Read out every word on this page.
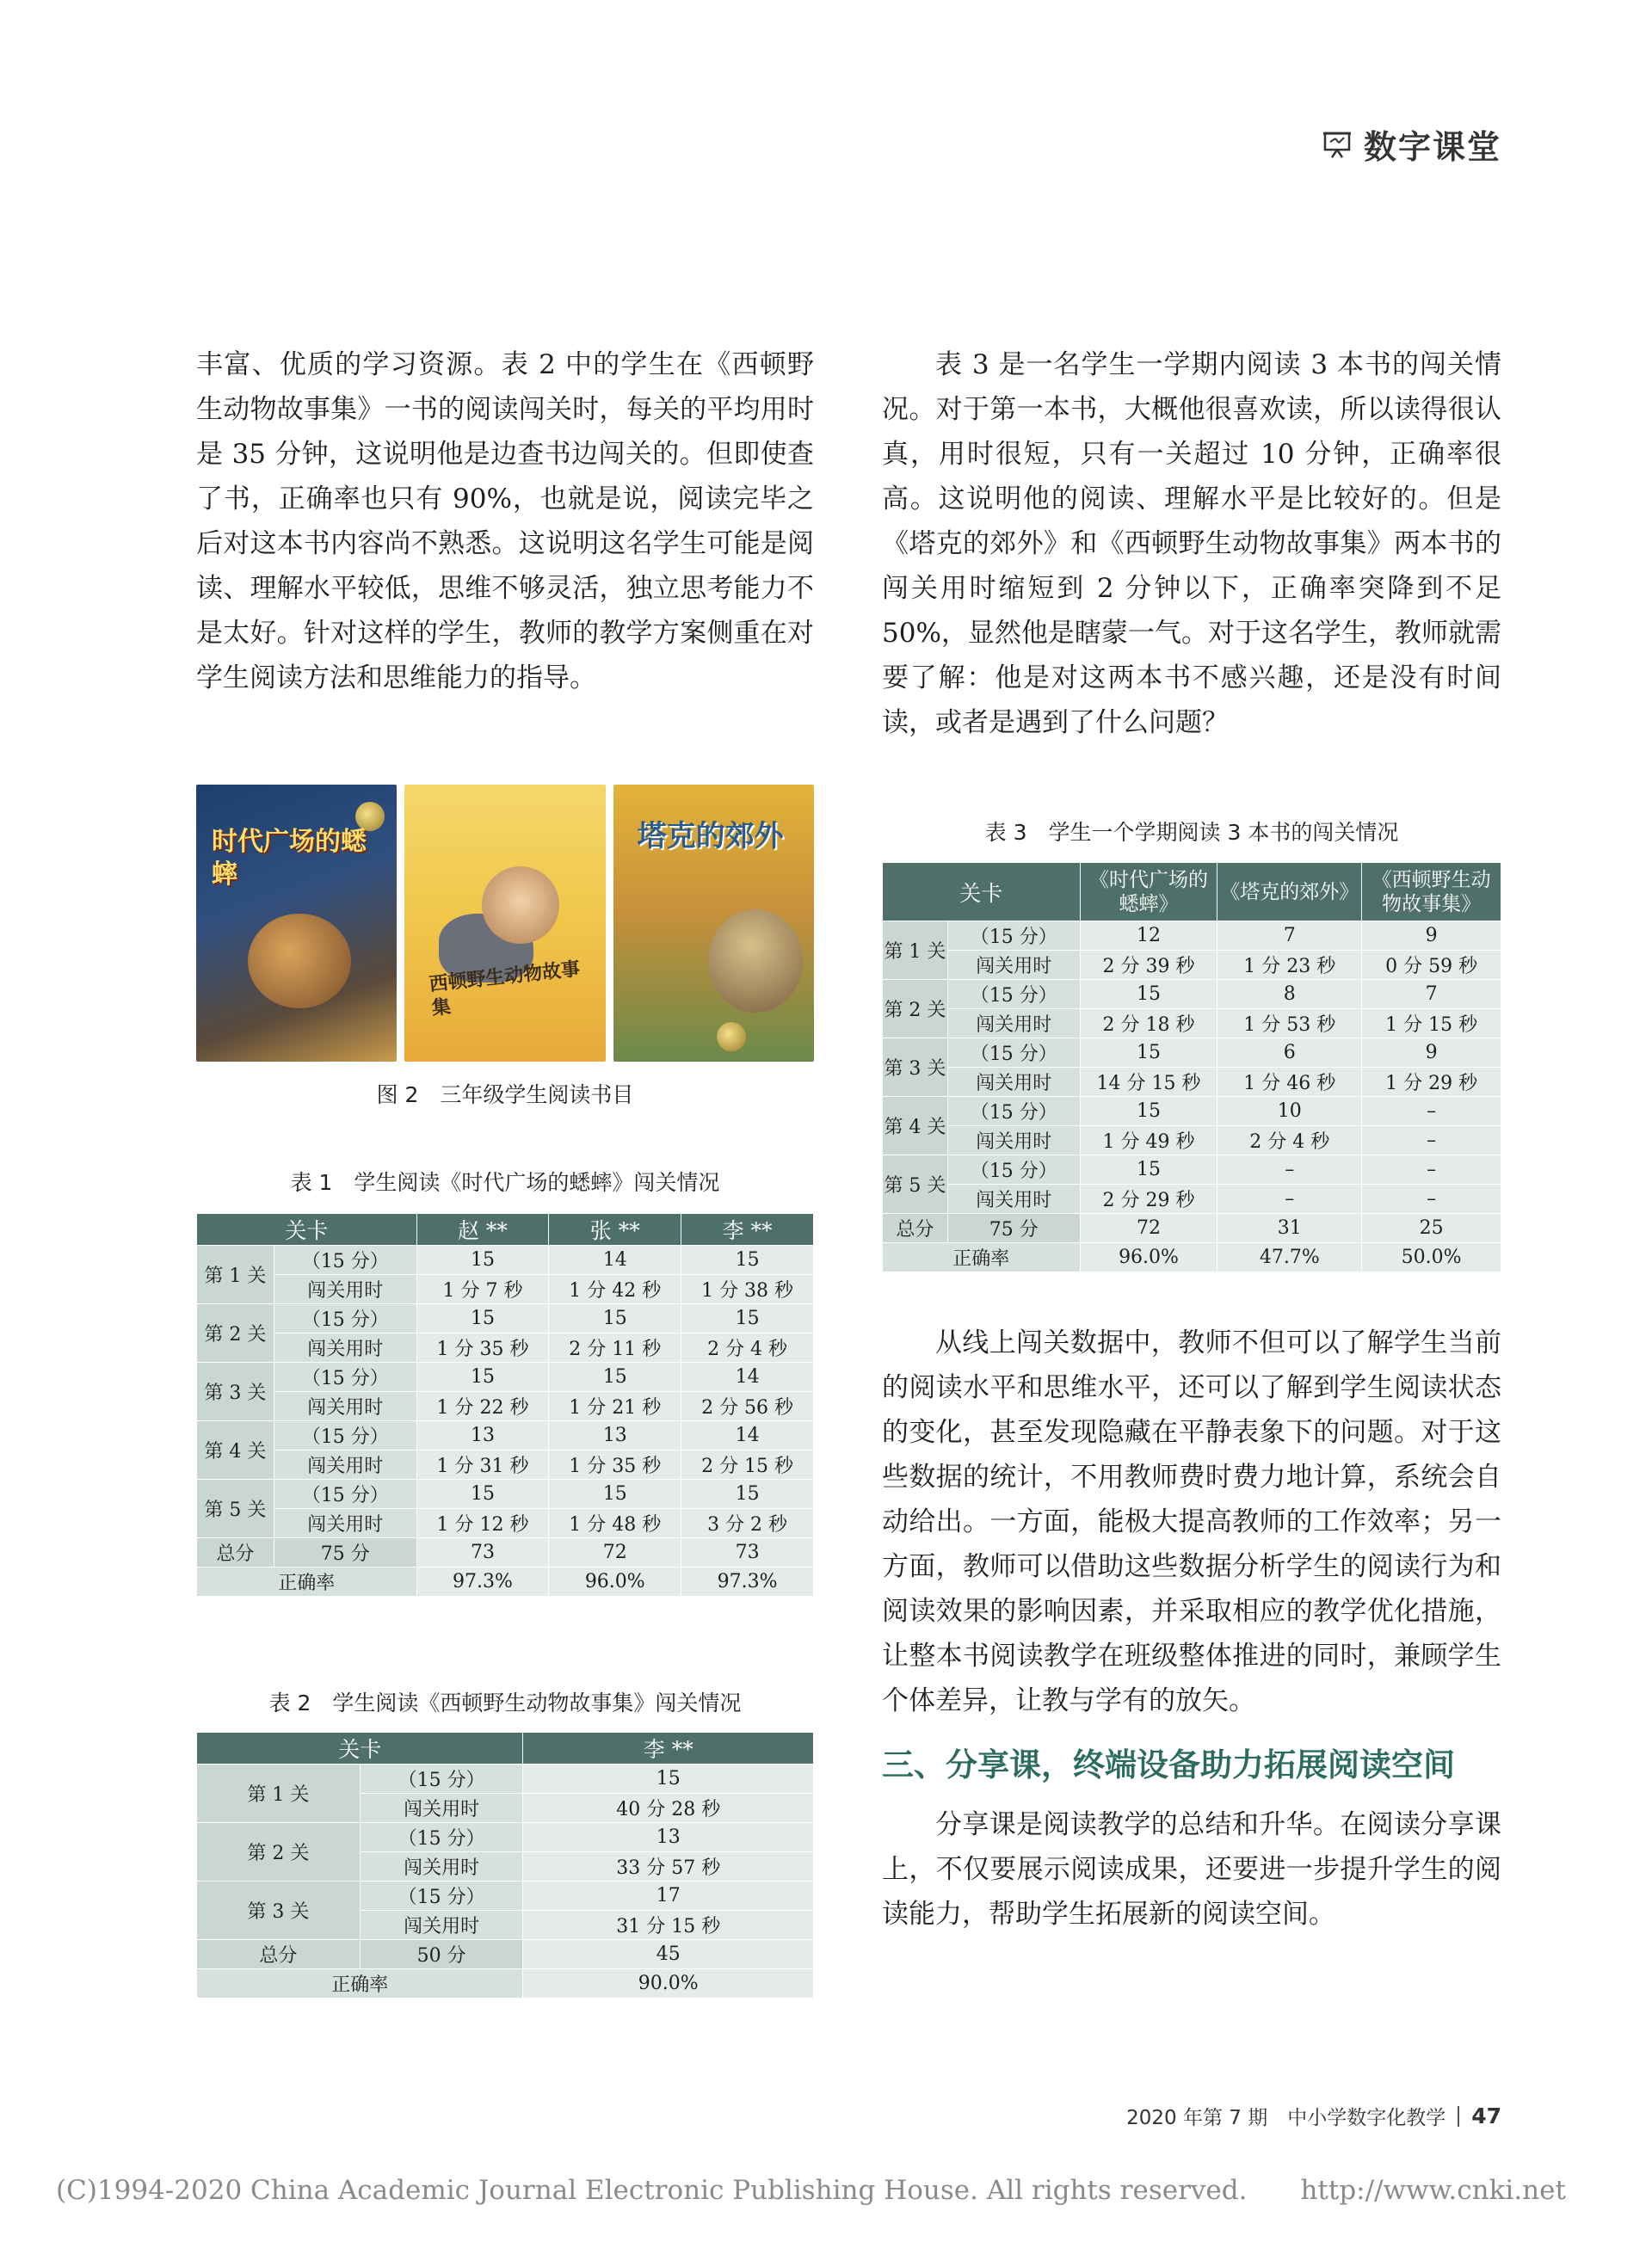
数字课堂

丰富、优质的学习资源。表 2 中的学生在《西顿野生动物故事集》一书的阅读闯关时，每关的平均用时是 35 分钟，这说明他是边查书边闯关的。但即使查了书，正确率也只有 90%，也就是说，阅读完毕之后对这本书内容尚不熟悉。这说明这名学生可能是阅读、理解水平较低，思维不够灵活，独立思考能力不是太好。针对这样的学生，教师的教学方案侧重在对学生阅读方法和思维能力的指导。

时代广场的蟋蟀
西顿野生动物故事集
塔克的郊外
图 2　三年级学生阅读书目
表 1　学生阅读《时代广场的蟋蟀》闯关情况
关卡		赵 **	张 **	李 **
第 1 关	（15 分）	15	14	15
	闯关用时	1 分 7 秒	1 分 42 秒	1 分 38 秒
第 2 关	（15 分）	15	15	15
	闯关用时	1 分 35 秒	2 分 11 秒	2 分 4 秒
第 3 关	（15 分）	15	15	14
	闯关用时	1 分 22 秒	1 分 21 秒	2 分 56 秒
第 4 关	（15 分）	13	13	14
	闯关用时	1 分 31 秒	1 分 35 秒	2 分 15 秒
第 5 关	（15 分）	15	15	15
	闯关用时	1 分 12 秒	1 分 48 秒	3 分 2 秒
总分	75 分	73	72	73
正确率		97.3%	96.0%	97.3%
表 2　学生阅读《西顿野生动物故事集》闯关情况
关卡		李 **
第 1 关	（15 分）	15
	闯关用时	40 分 28 秒
第 2 关	（15 分）	13
	闯关用时	33 分 57 秒
第 3 关	（15 分）	17
	闯关用时	31 分 15 秒
总分	50 分	45
正确率		90.0%

表 3 是一名学生一学期内阅读 3 本书的闯关情况。对于第一本书，大概他很喜欢读，所以读得很认真，用时很短，只有一关超过 10 分钟，正确率很高。这说明他的阅读、理解水平是比较好的。但是《塔克的郊外》和《西顿野生动物故事集》两本书的闯关用时缩短到 2 分钟以下，正确率突降到不足 50%，显然他是瞎蒙一气。对于这名学生，教师就需要了解：他是对这两本书不感兴趣，还是没有时间读，或者是遇到了什么问题？

表 3　学生一个学期阅读 3 本书的闯关情况
关卡		《时代广场的蟋蟀》	《塔克的郊外》	《西顿野生动物故事集》
第 1 关	（15 分）	12	7	9
	闯关用时	2 分 39 秒	1 分 23 秒	0 分 59 秒
第 2 关	（15 分）	15	8	7
	闯关用时	2 分 18 秒	1 分 53 秒	1 分 15 秒
第 3 关	（15 分）	15	6	9
	闯关用时	14 分 15 秒	1 分 46 秒	1 分 29 秒
第 4 关	（15 分）	15	10	–
	闯关用时	1 分 49 秒	2 分 4 秒	–
第 5 关	（15 分）	15	–	–
	闯关用时	2 分 29 秒	–	–
总分	75 分	72	31	25
正确率		96.0%	47.7%	50.0%

从线上闯关数据中，教师不但可以了解学生当前的阅读水平和思维水平，还可以了解到学生阅读状态的变化，甚至发现隐藏在平静表象下的问题。对于这些数据的统计，不用教师费时费力地计算，系统会自动给出。一方面，能极大提高教师的工作效率；另一方面，教师可以借助这些数据分析学生的阅读行为和阅读效果的影响因素，并采取相应的教学优化措施，让整本书阅读教学在班级整体推进的同时，兼顾学生个体差异，让教与学有的放矢。

三、分享课，终端设备助力拓展阅读空间

分享课是阅读教学的总结和升华。在阅读分享课上，不仅要展示阅读成果，还要进一步提升学生的阅读能力，帮助学生拓展新的阅读空间。

2020 年第 7 期　中小学数字化教学 47
(C)1994-2020 China Academic Journal Electronic Publishing House. All rights reserved.　　http://www.cnki.net
